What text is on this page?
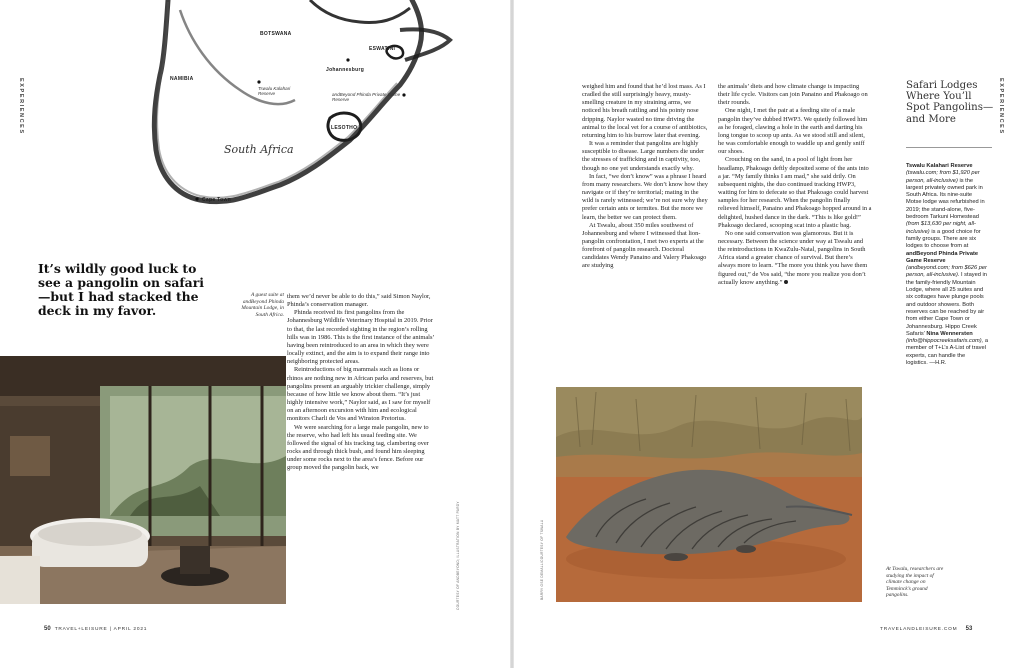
EXPERIENCES	EXPERIENCES
BOTSWANA
NAMIBIA
ESWATINI
Johannesburg
LESOTHO
Cape Town
Tswalu Kalahari Reserve	andBeyond Phinda Private Game Reserve
South Africa
It’s wildly good luck to see a pangolin on safari—but I had stacked the deck in my favor.
A guest suite at andBeyond Phinda Mountain Lodge, in South Africa.

them we’d never be able to do this,” said Simon Naylor, Phinda’s conservation manager.

Phinda received its first pangolins from the Johannesburg Wildlife Veterinary Hospital in 2019. Prior to that, the last recorded sighting in the region’s rolling hills was in 1986. This is the first instance of the animals’ having been reintroduced to an area in which they were locally extinct, and the aim is to expand their range into neighboring protected areas.

Reintroductions of big mammals such as lions or rhinos are nothing new in African parks and reserves, but pangolins present an arguably trickier challenge, simply because of how little we know about them. “It’s just highly intensive work,” Naylor said, as I saw for myself on an afternoon excursion with him and ecological monitors Charli de Vos and Winston Pretorius.

We were searching for a large male pangolin, new to the reserve, who had left his usual feeding site. We followed the signal of his tracking tag, clambering over rocks and through thick bush, and found him sleeping under some rocks next to the area’s fence. Before our group moved the pangolin back, we

COURTESY OF ANDBEYOND; ILLUSTRATION BY MATT PARDY	BARRY GSE DEMALL/COURTESY OF TSWALU

weighed him and found that he’d lost mass. As I cradled the still surprisingly heavy, musty-smelling creature in my straining arms, we noticed his breath rattling and his pointy nose dripping. Naylor wasted no time driving the animal to the local vet for a course of antibiotics, returning him to his burrow later that evening.

It was a reminder that pangolins are highly susceptible to disease. Large numbers die under the stresses of trafficking and in captivity, too, though no one yet understands exactly why.

In fact, “we don’t know” was a phrase I heard from many researchers. We don’t know how they navigate or if they’re territorial; mating in the wild is rarely witnessed; we’re not sure why they prefer certain ants or termites. But the more we learn, the better we can protect them.

At Tswalu, about 350 miles southwest of Johannesburg and where I witnessed that lion-pangolin confrontation, I met two experts at the forefront of pangolin research. Doctoral candidates Wendy Panaino and Valery Phakoago are studying

the animals’ diets and how climate change is impacting their life cycle. Visitors can join Panaino and Phakoago on their rounds.

One night, I met the pair at a feeding site of a male pangolin they’ve dubbed HWP3. We quietly followed him as he foraged, clawing a hole in the earth and darting his long tongue to scoop up ants. As we stood still and silent, he was comfortable enough to waddle up and gently sniff our shoes.

Crouching on the sand, in a pool of light from her headlamp, Phakoago deftly deposited some of the ants into a jar. “My family thinks I am mad,” she said drily. On subsequent nights, the duo continued tracking HWP3, waiting for him to defecate so that Phakoago could harvest samples for her research. When the pangolin finally relieved himself, Panaino and Phakoago hopped around in a delighted, hushed dance in the dark. “This is like gold!” Phakoago declared, scooping scat into a plastic bag.

No one said conservation was glamorous. But it is necessary. Between the science under way at Tswalu and the reintroductions in KwaZulu-Natal, pangolins in South Africa stand a greater chance of survival. But there’s always more to learn. “The more you think you have them figured out,” de Vos said, “the more you realize you don’t actually know anything.”

At Tswalu, researchers are studying the impact of climate change on Temminck’s ground pangolins.
Safari Lodges Where You’ll Spot Pangolins—and More
Tswalu Kalahari Reserve (tswalu.com; from $1,920 per person, all-inclusive) is the largest privately owned park in South Africa. Its nine-suite Motse lodge was refurbished in 2019; the stand-alone, five-bedroom Tarkuni Homestead (from $13,630 per night, all-inclusive) is a good choice for family groups. There are six lodges to choose from at andBeyond Phinda Private Game Reserve (andbeyond.com; from $626 per person, all-inclusive). I stayed in the family-friendly Mountain Lodge, where all 25 suites and six cottages have plunge pools and outdoor showers. Both reserves can be reached by air from either Cape Town or Johannesburg. Hippo Creek Safaris’ Nina Wennersten (info@hippocreeksafaris.com), a member of T+L’s A-List of travel experts, can handle the logistics. —H.R.
50 TRAVEL+LEISURE | APRIL 2021	TRAVELANDLEISURE.COM 53
